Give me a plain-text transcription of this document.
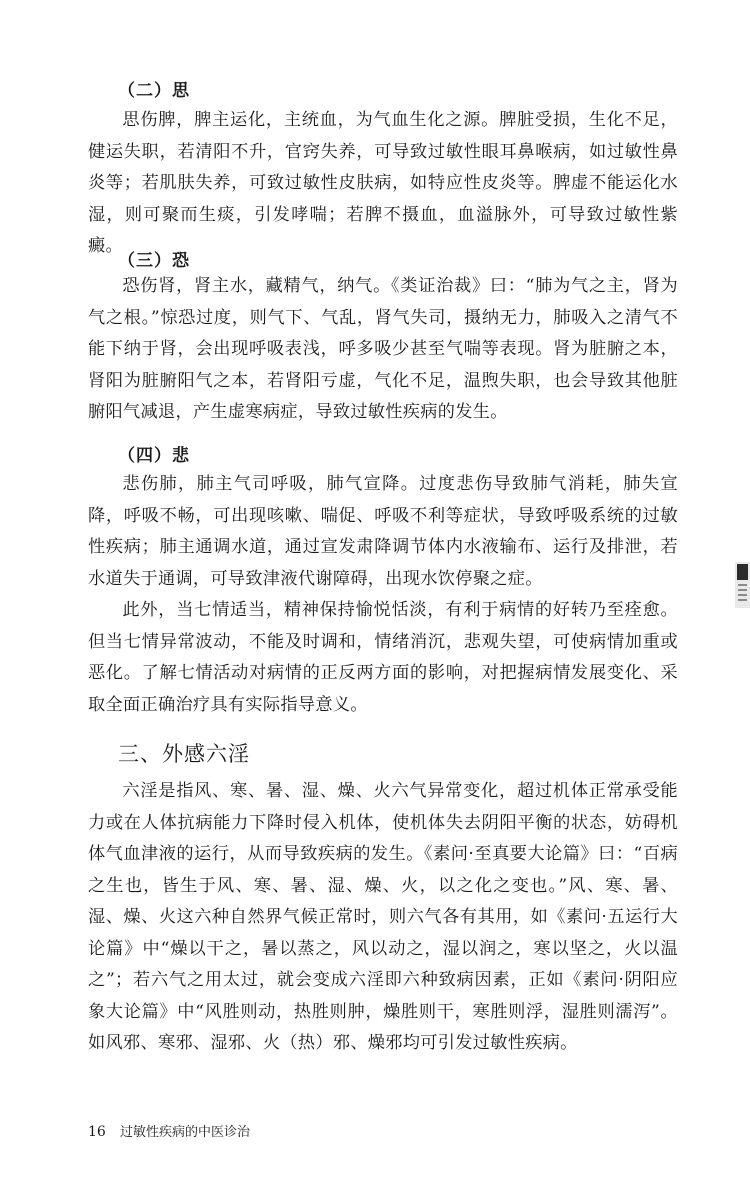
（二）思

思伤脾，脾主运化，主统血，为气血生化之源。脾脏受损，生化不足，健运失职，若清阳不升，官窍失养，可导致过敏性眼耳鼻喉病，如过敏性鼻炎等；若肌肤失养，可致过敏性皮肤病，如特应性皮炎等。脾虚不能运化水湿，则可聚而生痰，引发哮喘；若脾不摄血，血溢脉外，可导致过敏性紫癜。

（三）恐

恐伤肾，肾主水，藏精气，纳气。《类证治裁》曰：“肺为气之主，肾为气之根。”惊恐过度，则气下、气乱，肾气失司，摄纳无力，肺吸入之清气不能下纳于肾，会出现呼吸表浅，呼多吸少甚至气喘等表现。肾为脏腑之本，肾阳为脏腑阳气之本，若肾阳亏虚，气化不足，温煦失职，也会导致其他脏腑阳气减退，产生虚寒病症，导致过敏性疾病的发生。

（四）悲

悲伤肺，肺主气司呼吸，肺气宣降。过度悲伤导致肺气消耗，肺失宣降，呼吸不畅，可出现咳嗽、喘促、呼吸不利等症状，导致呼吸系统的过敏性疾病；肺主通调水道，通过宣发肃降调节体内水液输布、运行及排泄，若水道失于通调，可导致津液代谢障碍，出现水饮停聚之症。

此外，当七情适当，精神保持愉悦恬淡，有利于病情的好转乃至痊愈。但当七情异常波动，不能及时调和，情绪消沉，悲观失望，可使病情加重或恶化。了解七情活动对病情的正反两方面的影响，对把握病情发展变化、采取全面正确治疗具有实际指导意义。

三、外感六淫

六淫是指风、寒、暑、湿、燥、火六气异常变化，超过机体正常承受能力或在人体抗病能力下降时侵入机体，使机体失去阴阳平衡的状态，妨碍机体气血津液的运行，从而导致疾病的发生。《素问·至真要大论篇》曰：“百病之生也，皆生于风、寒、暑、湿、燥、火，以之化之变也。”风、寒、暑、湿、燥、火这六种自然界气候正常时，则六气各有其用，如《素问·五运行大论篇》中“燥以干之，暑以蒸之，风以动之，湿以润之，寒以坚之，火以温之”；若六气之用太过，就会变成六淫即六种致病因素，正如《素问·阴阳应象大论篇》中“风胜则动，热胜则肿，燥胜则干，寒胜则浮，湿胜则濡泻”。如风邪、寒邪、湿邪、火（热）邪、燥邪均可引发过敏性疾病。

16 过敏性疾病的中医诊治
